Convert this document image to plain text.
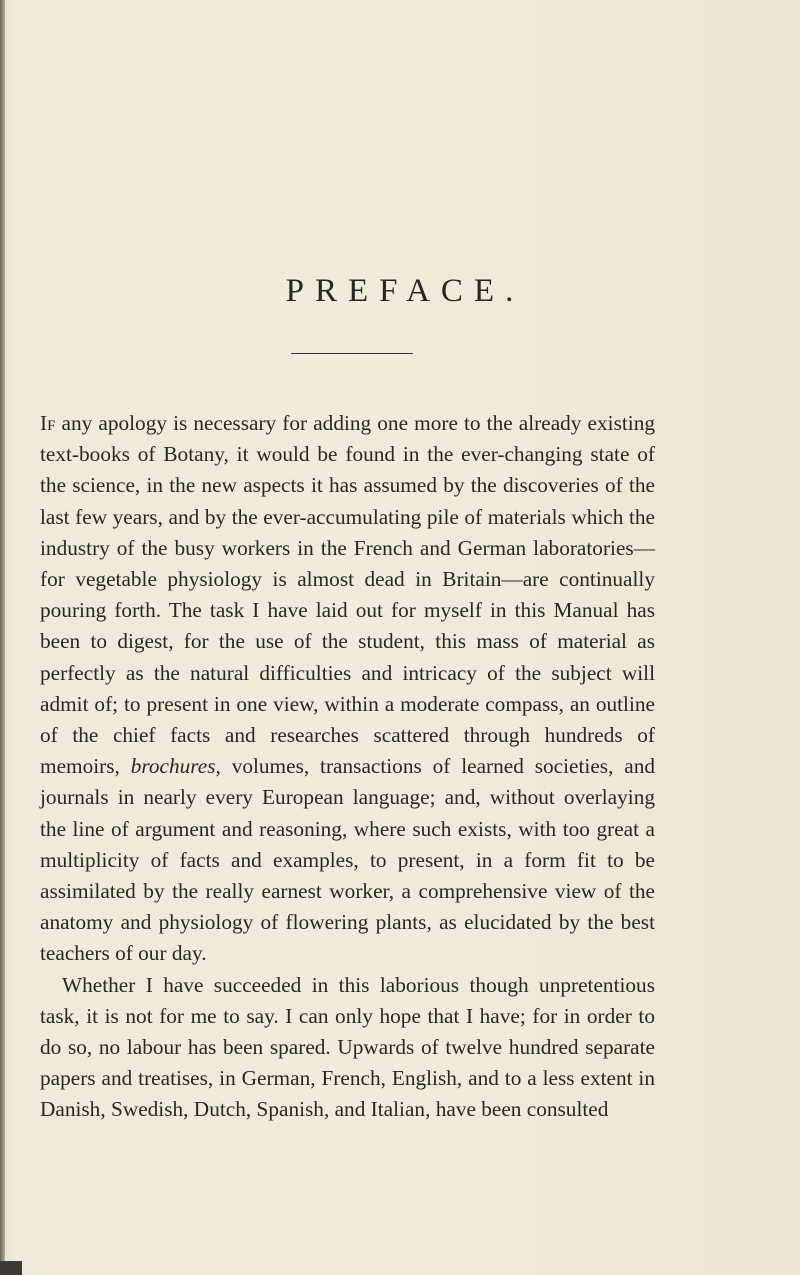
PREFACE.

If any apology is necessary for adding one more to the already existing text-books of Botany, it would be found in the ever-changing state of the science, in the new aspects it has assumed by the discoveries of the last few years, and by the ever-accumulating pile of materials which the industry of the busy workers in the French and German laboratories—for vegetable physiology is almost dead in Britain—are continually pouring forth. The task I have laid out for myself in this Manual has been to digest, for the use of the student, this mass of material as perfectly as the natural difficulties and intricacy of the subject will admit of; to present in one view, within a moderate compass, an outline of the chief facts and researches scattered through hundreds of memoirs, brochures, volumes, transactions of learned societies, and journals in nearly every European language; and, without overlaying the line of argument and reasoning, where such exists, with too great a multiplicity of facts and examples, to present, in a form fit to be assimilated by the really earnest worker, a comprehensive view of the anatomy and physiology of flowering plants, as elucidated by the best teachers of our day.

Whether I have succeeded in this laborious though unpretentious task, it is not for me to say. I can only hope that I have; for in order to do so, no labour has been spared. Upwards of twelve hundred separate papers and treatises, in German, French, English, and to a less extent in Danish, Swedish, Dutch, Spanish, and Italian, have been consulted
